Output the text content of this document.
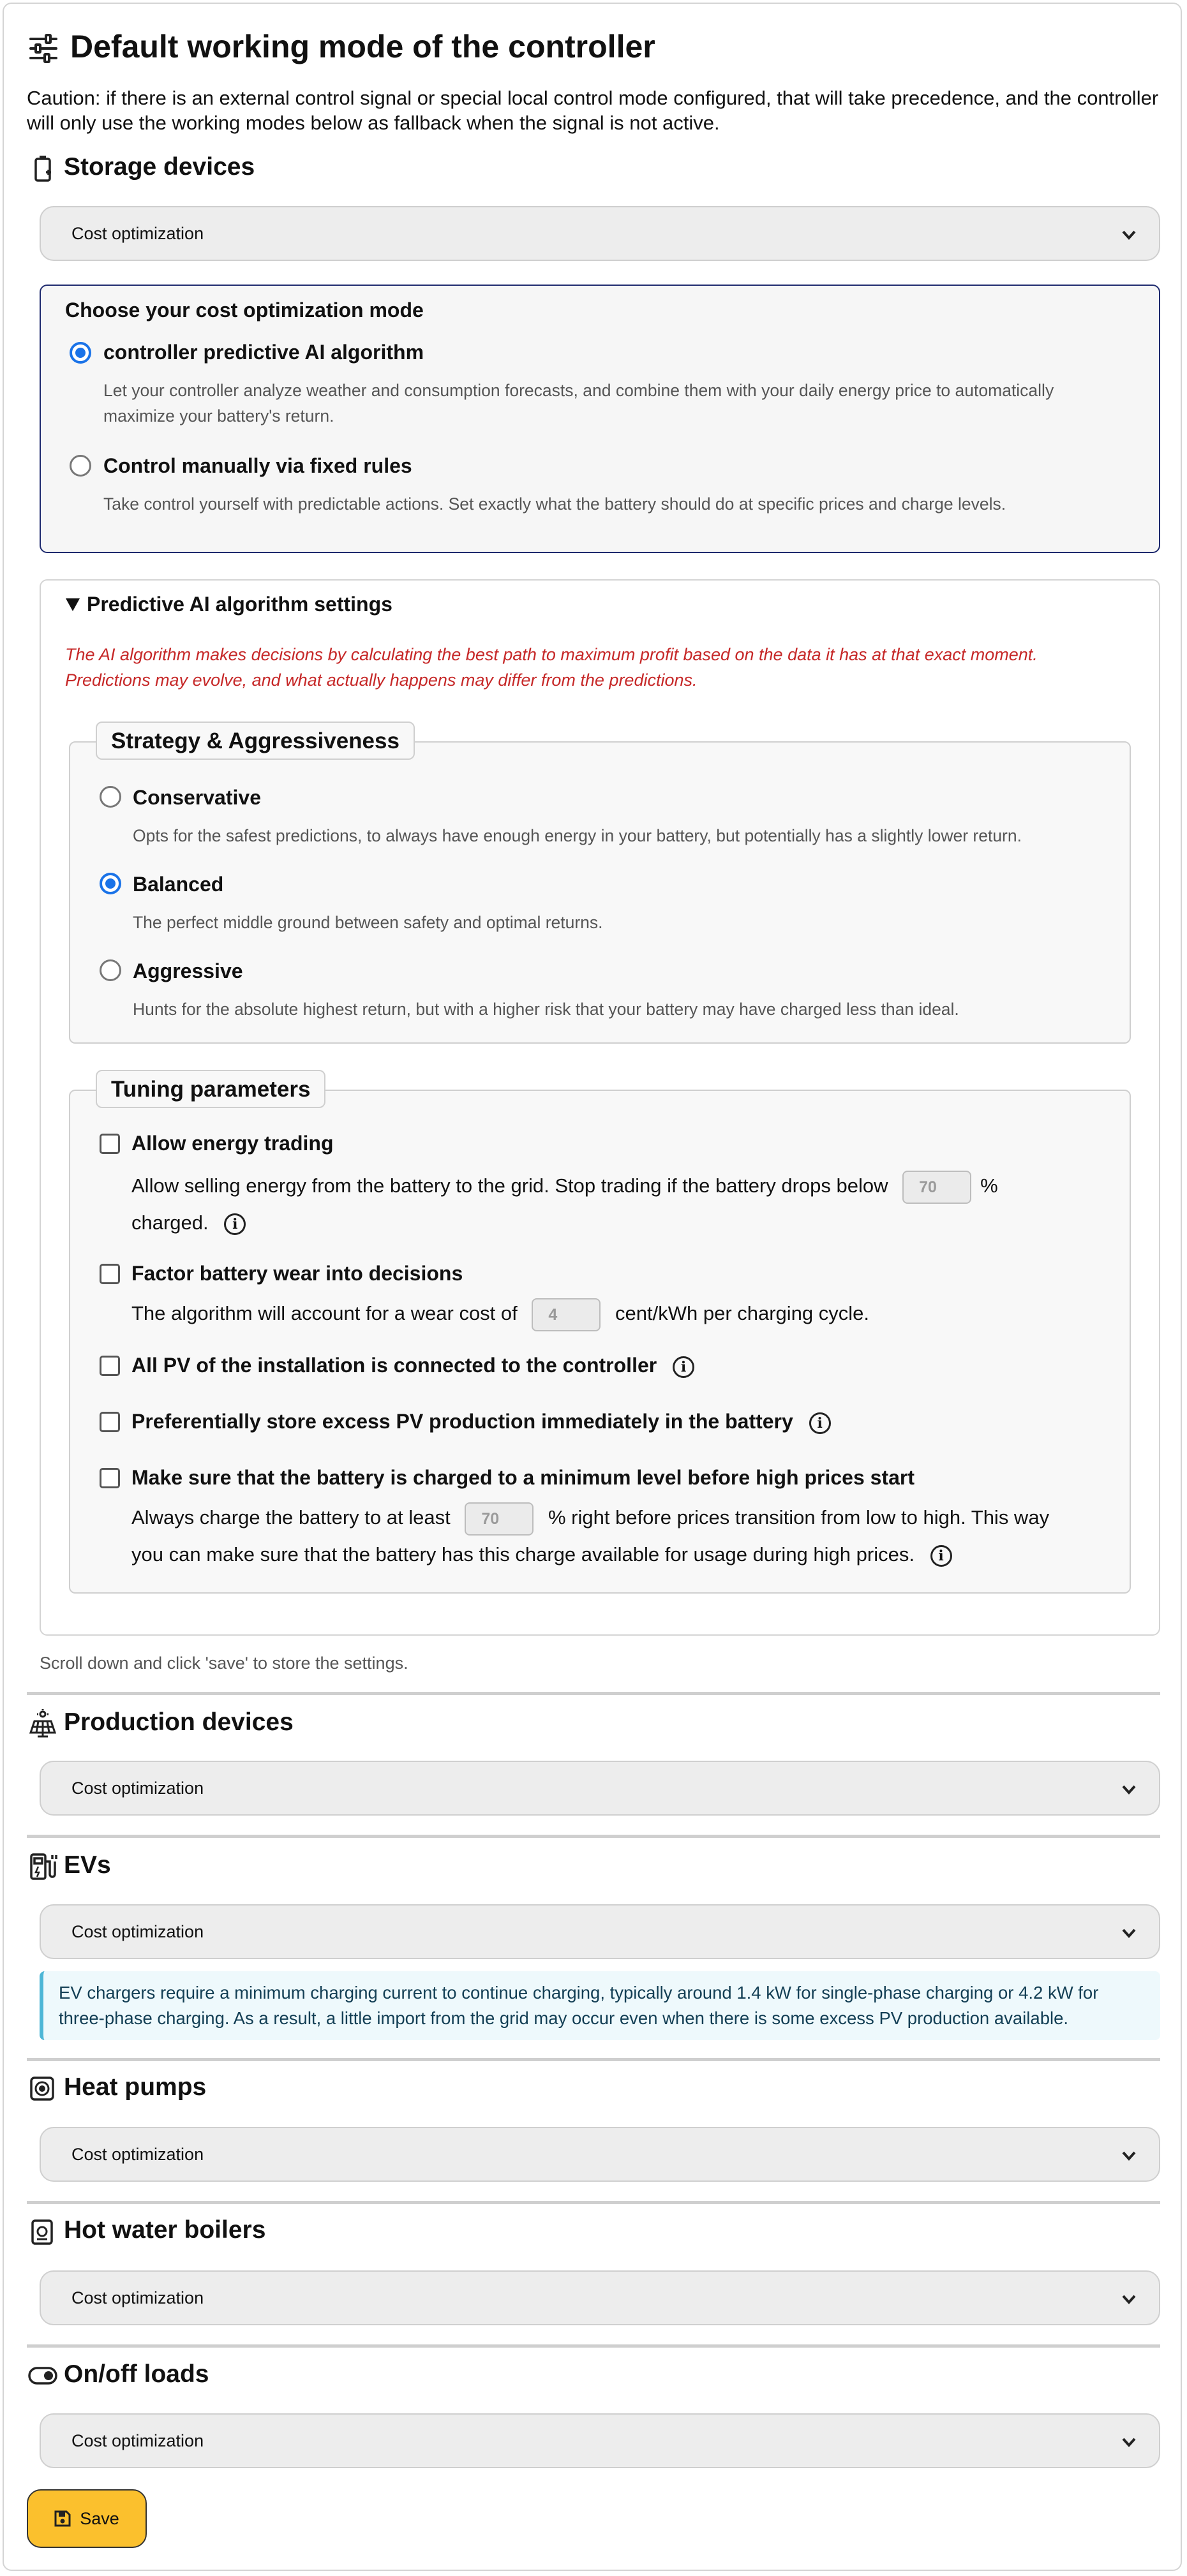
Default working mode of the controller
Caution: if there is an external control signal or special local control mode configured, that will take precedence, and the controller will only use the working modes below as fallback when the signal is not active.
Storage devices
Cost optimization
Choose your cost optimization mode
controller predictive AI algorithm
Let your controller analyze weather and consumption forecasts, and combine them with your daily energy price to automatically maximize your battery's return.
Control manually via fixed rules
Take control yourself with predictable actions. Set exactly what the battery should do at specific prices and charge levels.
Predictive AI algorithm settings
The AI algorithm makes decisions by calculating the best path to maximum profit based on the data it has at that exact moment. Predictions may evolve, and what actually happens may differ from the predictions.
Strategy & Aggressiveness
Conservative
Opts for the safest predictions, to always have enough energy in your battery, but potentially has a slightly lower return.
Balanced
The perfect middle ground between safety and optimal returns.
Aggressive
Hunts for the absolute highest return, but with a higher risk that your battery may have charged less than ideal.
Tuning parameters
Allow energy trading
Allow selling energy from the battery to the grid. Stop trading if the battery drops below 70 %
charged. i
Factor battery wear into decisions
The algorithm will account for a wear cost of 4	cent/kWh per charging cycle.
All PV of the installation is connected to the controller i
Preferentially store excess PV production immediately in the battery i
Make sure that the battery is charged to a minimum level before high prices start
Always charge the battery to at least 70 % right before prices transition from low to high. This way
you can make sure that the battery has this charge available for usage during high prices. i
Scroll down and click 'save' to store the settings.
Production devices
Cost optimization
EVs
Cost optimization
EV chargers require a minimum charging current to continue charging, typically around 1.4 kW for single-phase charging or 4.2 kW for three-phase charging. As a result, a little import from the grid may occur even when there is some excess PV production available.
Heat pumps
Cost optimization
Hot water boilers
Cost optimization
On/off loads
Cost optimization
Save
